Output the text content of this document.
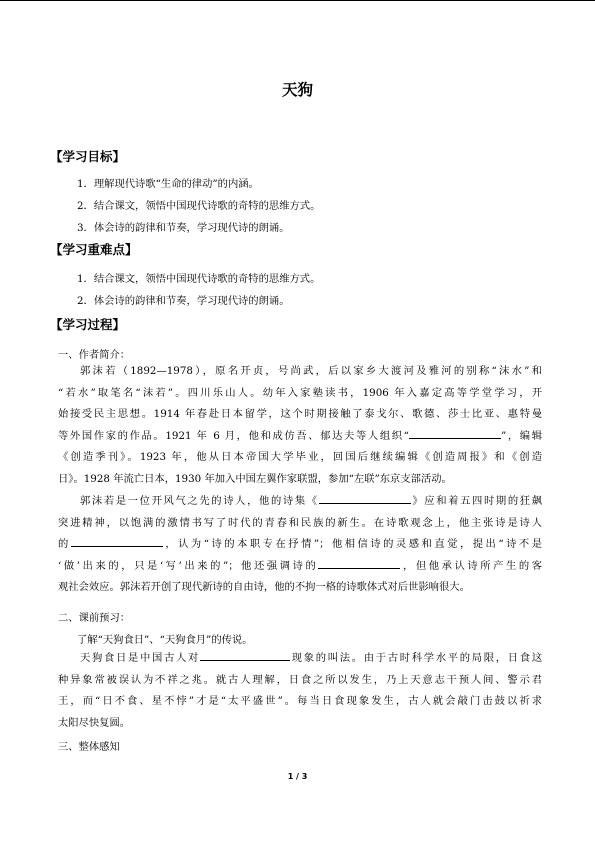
天狗
【学习目标】
1．理解现代诗歌“生命的律动”的内涵。
2．结合课文，领悟中国现代诗歌的奇特的思维方式。
3．体会诗的韵律和节奏，学习现代诗的朗诵。
【学习重难点】
1．结合课文，领悟中国现代诗歌的奇特的思维方式。
2．体会诗的韵律和节奏，学习现代诗的朗诵。
【学习过程】
一、作者简介：

郭沫若（1892—1978），原名开贞，号尚武，后以家乡大渡河及雅河的别称“沫水”和

“若水”取笔名“沫若”。四川乐山人。幼年入家塾读书，1906 年入嘉定高等学堂学习，开

始接受民主思想。1914 年春赴日本留学，这个时期接触了泰戈尔、歌德、莎士比亚、惠特曼

等外国作家的作品。1921 年 6 月，他和成仿吾、郁达夫等人组织“	”，编辑

《创造季刊》。1923 年，他从日本帝国大学毕业，回国后继续编辑《创造周报》和《创造

日》。1928 年流亡日本，1930 年加入中国左翼作家联盟，参加“左联”东京支部活动。

郭沫若是一位开风气之先的诗人，他的诗集《	》应和着五四时期的狂飙

突进精神，以饱满的激情书写了时代的青春和民族的新生。在诗歌观念上，他主张诗是诗人

的	，认为“诗的本职专在抒情”；他相信诗的灵感和直觉，提出“诗不是

‘做’出来的，只是‘写’出来的”；他还强调诗的	，但他承认诗所产生的客

观社会效应。郭沫若开创了现代新诗的自由诗，他的不拘一格的诗歌体式对后世影响很大。

二、课前预习：
了解“天狗食日”、“天狗食月”的传说。

天狗食日是中国古人对	现象的叫法。由于古时科学水平的局限，日食这

种异象常被误认为不祥之兆。就古人理解，日食之所以发生，乃上天意志干预人间、警示君

王，而“日不食、星不悖”才是“太平盛世”。每当日食现象发生，古人就会敲门击鼓以祈求

太阳尽快复圆。

三、整体感知
1 / 3
